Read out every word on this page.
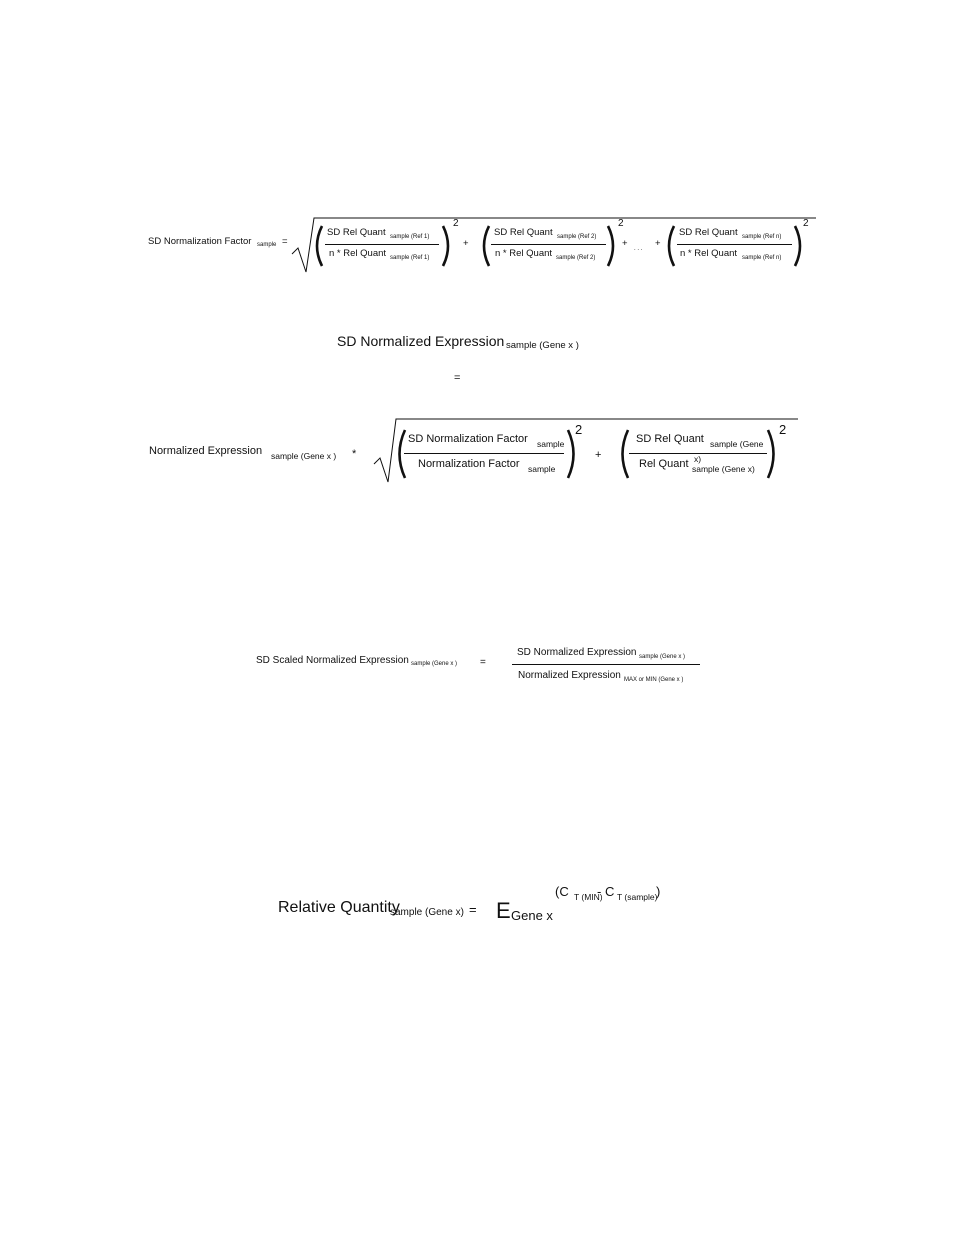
SD Normalization Factor sample =
SD Rel Quant sample (Ref 1)
n * Rel Quant sample (Ref 1)
2
+
SD Rel Quant sample (Ref 2)
n * Rel Quant sample (Ref 2)
2
+ . . . +
SD Rel Quant sample (Ref n)
n * Rel Quant sample (Ref n)
2
SD Normalized Expression sample (Gene x )
=
Normalized Expression sample (Gene x ) *
SD Normalization Factor sample
Normalization Factor sample
2
+
SD Rel Quant sample (Gene
Rel Quant x)
sample (Gene x)
2
SD Scaled Normalized Expression sample (Gene x ) =
SD Normalized Expression sample (Gene x )
Normalized Expression MAX or MIN (Gene x )
Relative Quantity
sample (Gene x) = E Gene x
(C T (MIN)
- C T (sample)
)
